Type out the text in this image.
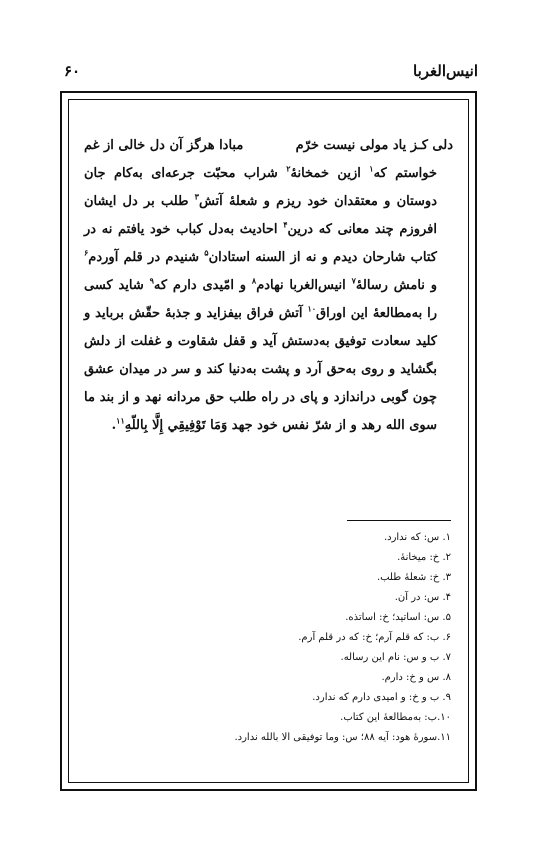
انیس‌الغربا
۶۰

دلی کـز یاد مولی نیست خرّم
مبادا هرگز آن دل خالی از غم

خواستم که$^۱$ ازین خمخانهٔ$^۲$ شراب محبّت جرعه‌ای به‌کام جان دوستان و معتقدان خود ریزم و شعلهٔ آتش$^۳$ طلب بر دل ایشان افروزم چند معانی که درین$^۴$ احادیث به‌دل کباب خود یافتم نه در کتاب شارحان دیدم و نه از السنه استادان$^۵$ شنیدم در قلم آوردم$^۶$ و نامش رسالهٔ$^۷$ انیس‌الغربا نهادم$^۸$ و امّیدی دارم که$^۹$ شاید کسی را به‌مطالعهٔ این اوراق$^{۱۰}$ آتش فراق بیفزاید و جذبهٔ حقّش برباید و کلید سعادت توفیق به‌دستش آید و قفل شقاوت و غفلت از دلش بگشاید و روی به‌حق آرد و پشت به‌دنیا کند و سر در میدان عشق چون گوبی دراندازد و پای در راه طلب حق مردانه نهد و از بند ما سوی الله رهد و از شرّ نفس خود جهد وَمَا تَوْفِيقِي إِلَّا بِاللّهِ$^{۱۱}$.

۱. س: که ندارد.
۲. خ: میخانهٔ.
۳. خ: شعلهٔ طلب.
۴. س: در آن.
۵. س: اساتید؛ خ: اساتذه.
۶. ب: که قلم آرم؛ خ: که در قلم آرم.
۷. ب و س: نام این رساله.
۸. س و خ: دارم.
۹. ب و خ: و امیدی دارم که ندارد.
۱۰.ب: به‌مطالعهٔ این کتاب.
۱۱.سورهٔ هود: آیه ۸۸؛ س: وما توفیقی الا بالله ندارد.
